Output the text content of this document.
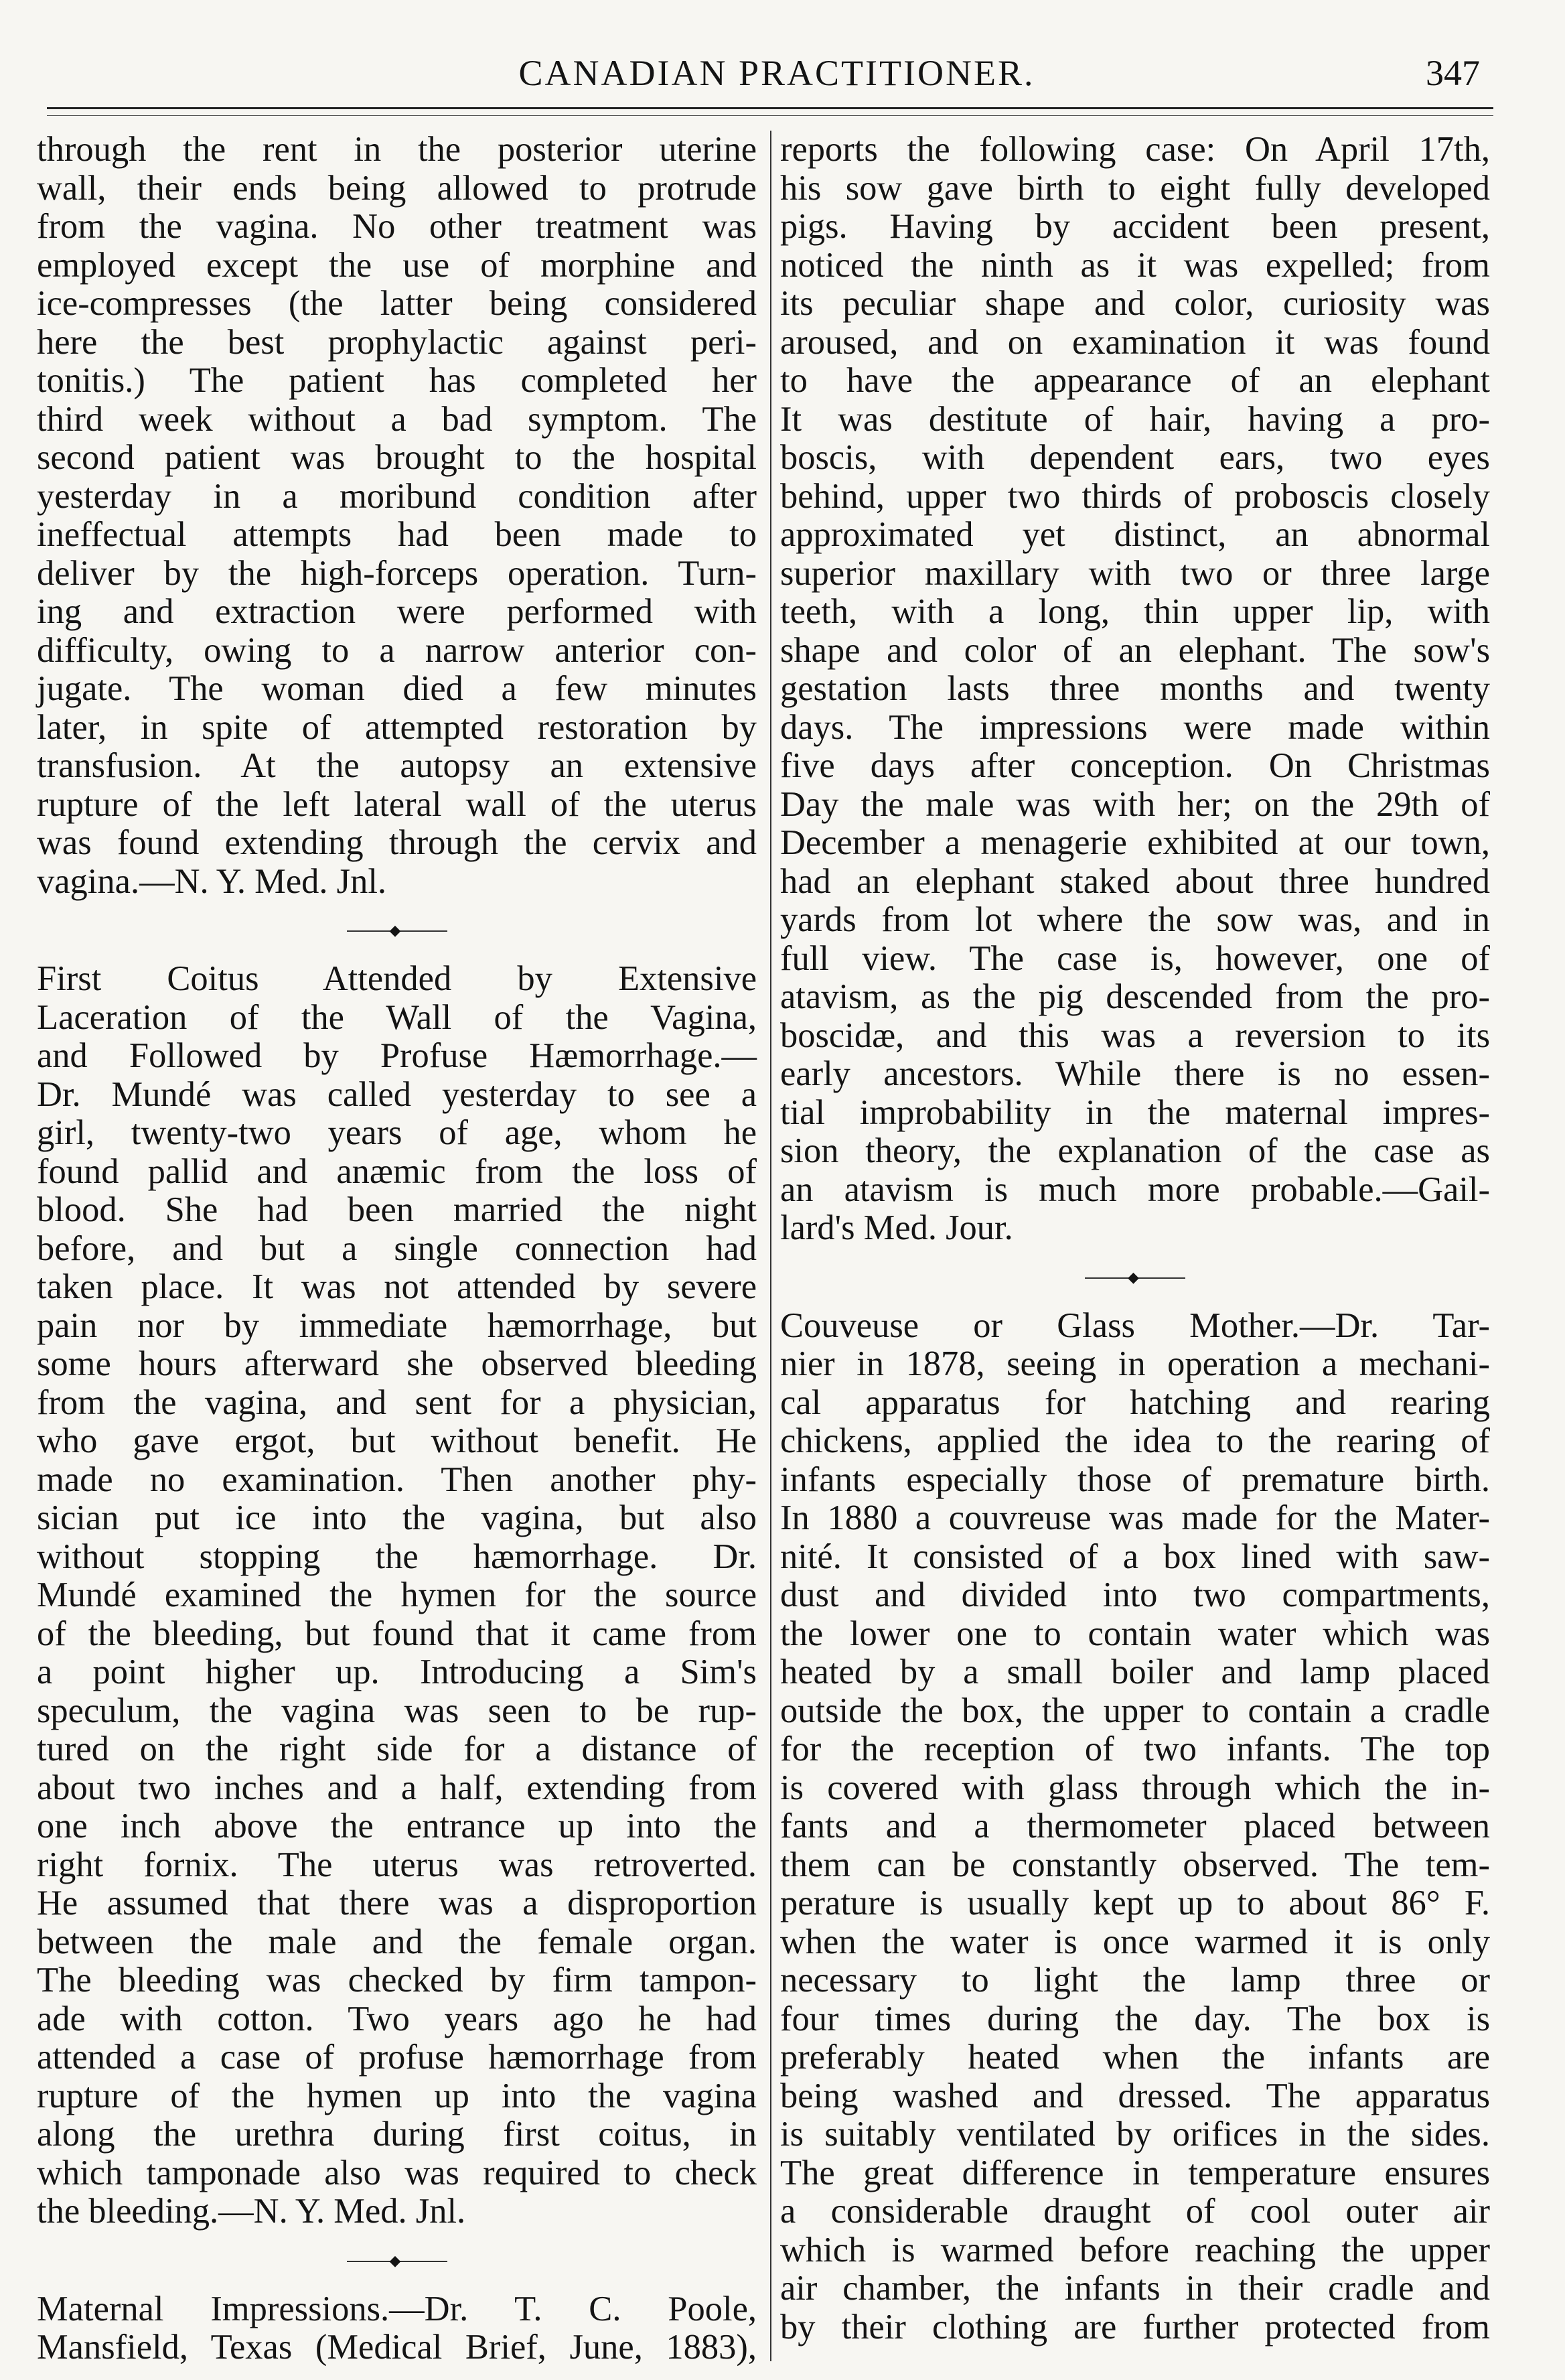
CANADIAN PRACTITIONER.	347
through the rent in the posterior uterine
wall, their ends being allowed to protrude
from the vagina. No other treatment was
employed except the use of morphine and
ice-compresses (the latter being considered
here the best prophylactic against peri-
tonitis.) The patient has completed her
third week without a bad symptom. The
second patient was brought to the hospital
yesterday in a moribund condition after
ineffectual attempts had been made to
deliver by the high-forceps operation. Turn-
ing and extraction were performed with
difficulty, owing to a narrow anterior con-
jugate. The woman died a few minutes
later, in spite of attempted restoration by
transfusion. At the autopsy an extensive
rupture of the left lateral wall of the uterus
was found extending through the cervix and
vagina.—N. Y. Med. Jnl.
◆
First Coitus Attended by Extensive
Laceration of the Wall of the Vagina,
and Followed by Profuse Hæmorrhage.—
Dr. Mundé was called yesterday to see a
girl, twenty-two years of age, whom he
found pallid and anæmic from the loss of
blood. She had been married the night
before, and but a single connection had
taken place. It was not attended by severe
pain nor by immediate hæmorrhage, but
some hours afterward she observed bleeding
from the vagina, and sent for a physician,
who gave ergot, but without benefit. He
made no examination. Then another phy-
sician put ice into the vagina, but also
without stopping the hæmorrhage. Dr.
Mundé examined the hymen for the source
of the bleeding, but found that it came from
a point higher up. Introducing a Sim's
speculum, the vagina was seen to be rup-
tured on the right side for a distance of
about two inches and a half, extending from
one inch above the entrance up into the
right fornix. The uterus was retroverted.
He assumed that there was a disproportion
between the male and the female organ.
The bleeding was checked by firm tampon-
ade with cotton. Two years ago he had
attended a case of profuse hæmorrhage from
rupture of the hymen up into the vagina
along the urethra during first coitus, in
which tamponade also was required to check
the bleeding.—N. Y. Med. Jnl.
◆
Maternal Impressions.—Dr. T. C. Poole,
Mansfield, Texas (Medical Brief, June, 1883),
reports the following case: On April 17th,
his sow gave birth to eight fully developed
pigs. Having by accident been present,
noticed the ninth as it was expelled; from
its peculiar shape and color, curiosity was
aroused, and on examination it was found
to have the appearance of an elephant
It was destitute of hair, having a pro-
boscis, with dependent ears, two eyes
behind, upper two thirds of proboscis closely
approximated yet distinct, an abnormal
superior maxillary with two or three large
teeth, with a long, thin upper lip, with
shape and color of an elephant. The sow's
gestation lasts three months and twenty
days. The impressions were made within
five days after conception. On Christmas
Day the male was with her; on the 29th of
December a menagerie exhibited at our town,
had an elephant staked about three hundred
yards from lot where the sow was, and in
full view. The case is, however, one of
atavism, as the pig descended from the pro-
boscidæ, and this was a reversion to its
early ancestors. While there is no essen-
tial improbability in the maternal impres-
sion theory, the explanation of the case as
an atavism is much more probable.—Gail-
lard's Med. Jour.
◆
Couveuse or Glass Mother.—Dr. Tar-
nier in 1878, seeing in operation a mechani-
cal apparatus for hatching and rearing
chickens, applied the idea to the rearing of
infants especially those of premature birth.
In 1880 a couvreuse was made for the Mater-
nité. It consisted of a box lined with saw-
dust and divided into two compartments,
the lower one to contain water which was
heated by a small boiler and lamp placed
outside the box, the upper to contain a cradle
for the reception of two infants. The top
is covered with glass through which the in-
fants and a thermometer placed between
them can be constantly observed. The tem-
perature is usually kept up to about 86° F.
when the water is once warmed it is only
necessary to light the lamp three or
four times during the day. The box is
preferably heated when the infants are
being washed and dressed. The apparatus
is suitably ventilated by orifices in the sides.
The great difference in temperature ensures
a considerable draught of cool outer air
which is warmed before reaching the upper
air chamber, the infants in their cradle and
by their clothing are further protected from
